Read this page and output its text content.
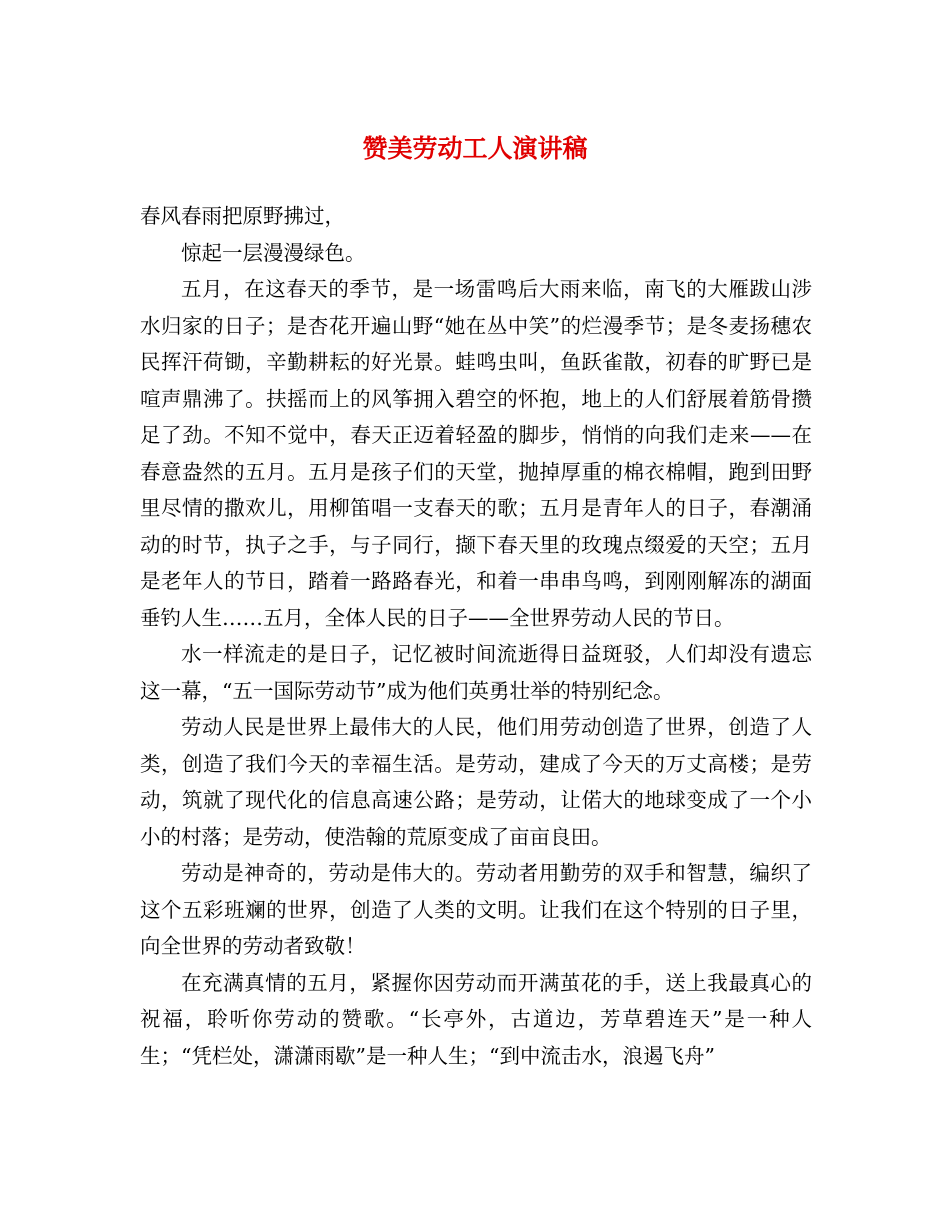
赞美劳动工人演讲稿

春风春雨把原野拂过，

惊起一层漫漫绿色。

五月，在这春天的季节，是一场雷鸣后大雨来临，南飞的大雁跋山涉水归家的日子；是杏花开遍山野“她在丛中笑”的烂漫季节；是冬麦扬穗农民挥汗荷锄，辛勤耕耘的好光景。蛙鸣虫叫，鱼跃雀散，初春的旷野已是喧声鼎沸了。扶摇而上的风筝拥入碧空的怀抱，地上的人们舒展着筋骨攒足了劲。不知不觉中，春天正迈着轻盈的脚步，悄悄的向我们走来——在春意盎然的五月。五月是孩子们的天堂，抛掉厚重的棉衣棉帽，跑到田野里尽情的撒欢儿，用柳笛唱一支春天的歌；五月是青年人的日子，春潮涌动的时节，执子之手，与子同行，撷下春天里的玫瑰点缀爱的天空；五月是老年人的节日，踏着一路路春光，和着一串串鸟鸣，到刚刚解冻的湖面垂钓人生……五月，全体人民的日子——全世界劳动人民的节日。

水一样流走的是日子，记忆被时间流逝得日益斑驳，人们却没有遗忘这一幕，“五一国际劳动节”成为他们英勇壮举的特别纪念。

劳动人民是世界上最伟大的人民，他们用劳动创造了世界，创造了人类，创造了我们今天的幸福生活。是劳动，建成了今天的万丈高楼；是劳动，筑就了现代化的信息高速公路；是劳动，让偌大的地球变成了一个小小的村落；是劳动，使浩翰的荒原变成了亩亩良田。

劳动是神奇的，劳动是伟大的。劳动者用勤劳的双手和智慧，编织了这个五彩班斓的世界，创造了人类的文明。让我们在这个特别的日子里，向全世界的劳动者致敬！

在充满真情的五月，紧握你因劳动而开满茧花的手，送上我最真心的祝福，聆听你劳动的赞歌。“长亭外，古道边，芳草碧连天”是一种人生；“凭栏处，潇潇雨歇”是一种人生；“到中流击水，浪遏飞舟”
